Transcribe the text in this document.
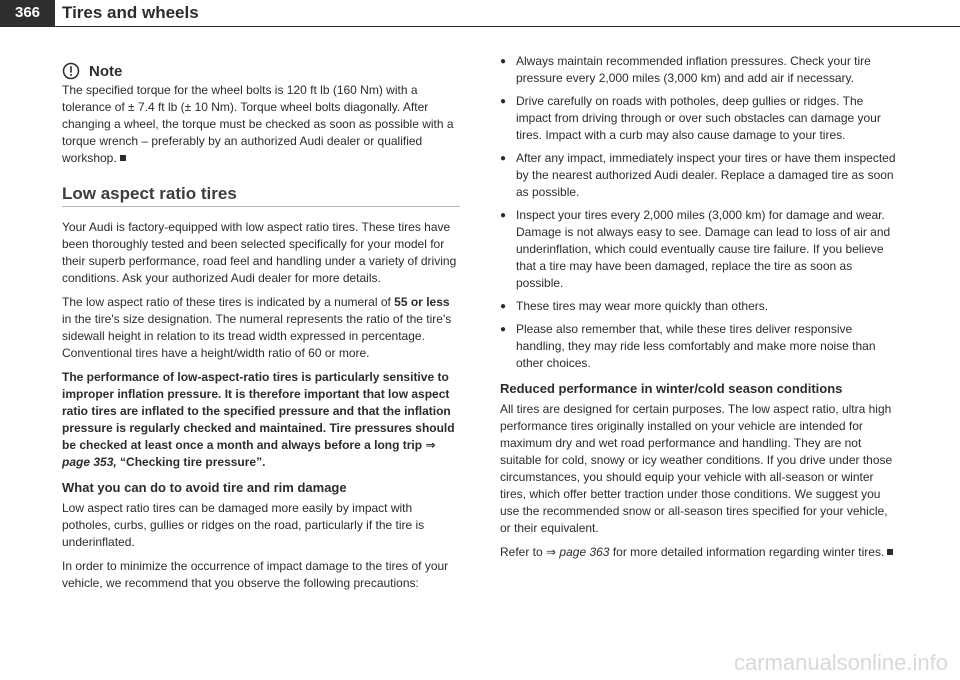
366	Tires and wheels
Note

The specified torque for the wheel bolts is 120 ft lb (160 Nm) with a tolerance of ± 7.4 ft lb (± 10 Nm). Torque wheel bolts diagonally. After changing a wheel, the torque must be checked as soon as possible with a torque wrench – preferably by an authorized Audi dealer or qualified workshop.

Low aspect ratio tires

Your Audi is factory-equipped with low aspect ratio tires. These tires have been thoroughly tested and been selected specifically for your model for their superb performance, road feel and handling under a variety of driving conditions. Ask your authorized Audi dealer for more details.

The low aspect ratio of these tires is indicated by a numeral of 55 or less in the tire's size designation. The numeral represents the ratio of the tire's sidewall height in relation to its tread width expressed in percentage. Conventional tires have a height/width ratio of 60 or more.

The performance of low-aspect-ratio tires is particularly sensitive to improper inflation pressure. It is therefore important that low aspect ratio tires are inflated to the specified pressure and that the inflation pressure is regularly checked and maintained. Tire pressures should be checked at least once a month and always before a long trip ⇒ page 353, “Checking tire pressure”.

What you can do to avoid tire and rim damage

Low aspect ratio tires can be damaged more easily by impact with potholes, curbs, gullies or ridges on the road, particularly if the tire is underinflated.

In order to minimize the occurrence of impact damage to the tires of your vehicle, we recommend that you observe the following precautions:

● Always maintain recommended inflation pressures. Check your tire pressure every 2,000 miles (3,000 km) and add air if necessary.
● Drive carefully on roads with potholes, deep gullies or ridges. The impact from driving through or over such obstacles can damage your tires. Impact with a curb may also cause damage to your tires.
● After any impact, immediately inspect your tires or have them inspected by the nearest authorized Audi dealer. Replace a damaged tire as soon as possible.
● Inspect your tires every 2,000 miles (3,000 km) for damage and wear. Damage is not always easy to see. Damage can lead to loss of air and underinflation, which could eventually cause tire failure. If you believe that a tire may have been damaged, replace the tire as soon as possible.
● These tires may wear more quickly than others.
● Please also remember that, while these tires deliver responsive handling, they may ride less comfortably and make more noise than other choices.
Reduced performance in winter/cold season conditions

All tires are designed for certain purposes. The low aspect ratio, ultra high performance tires originally installed on your vehicle are intended for maximum dry and wet road performance and handling. They are not suitable for cold, snowy or icy weather conditions. If you drive under those circumstances, you should equip your vehicle with all-season or winter tires, which offer better traction under those conditions. We suggest you use the recommended snow or all-season tires specified for your vehicle, or their equivalent.

Refer to ⇒ page 363 for more detailed information regarding winter tires.

carmanualsonline.info
